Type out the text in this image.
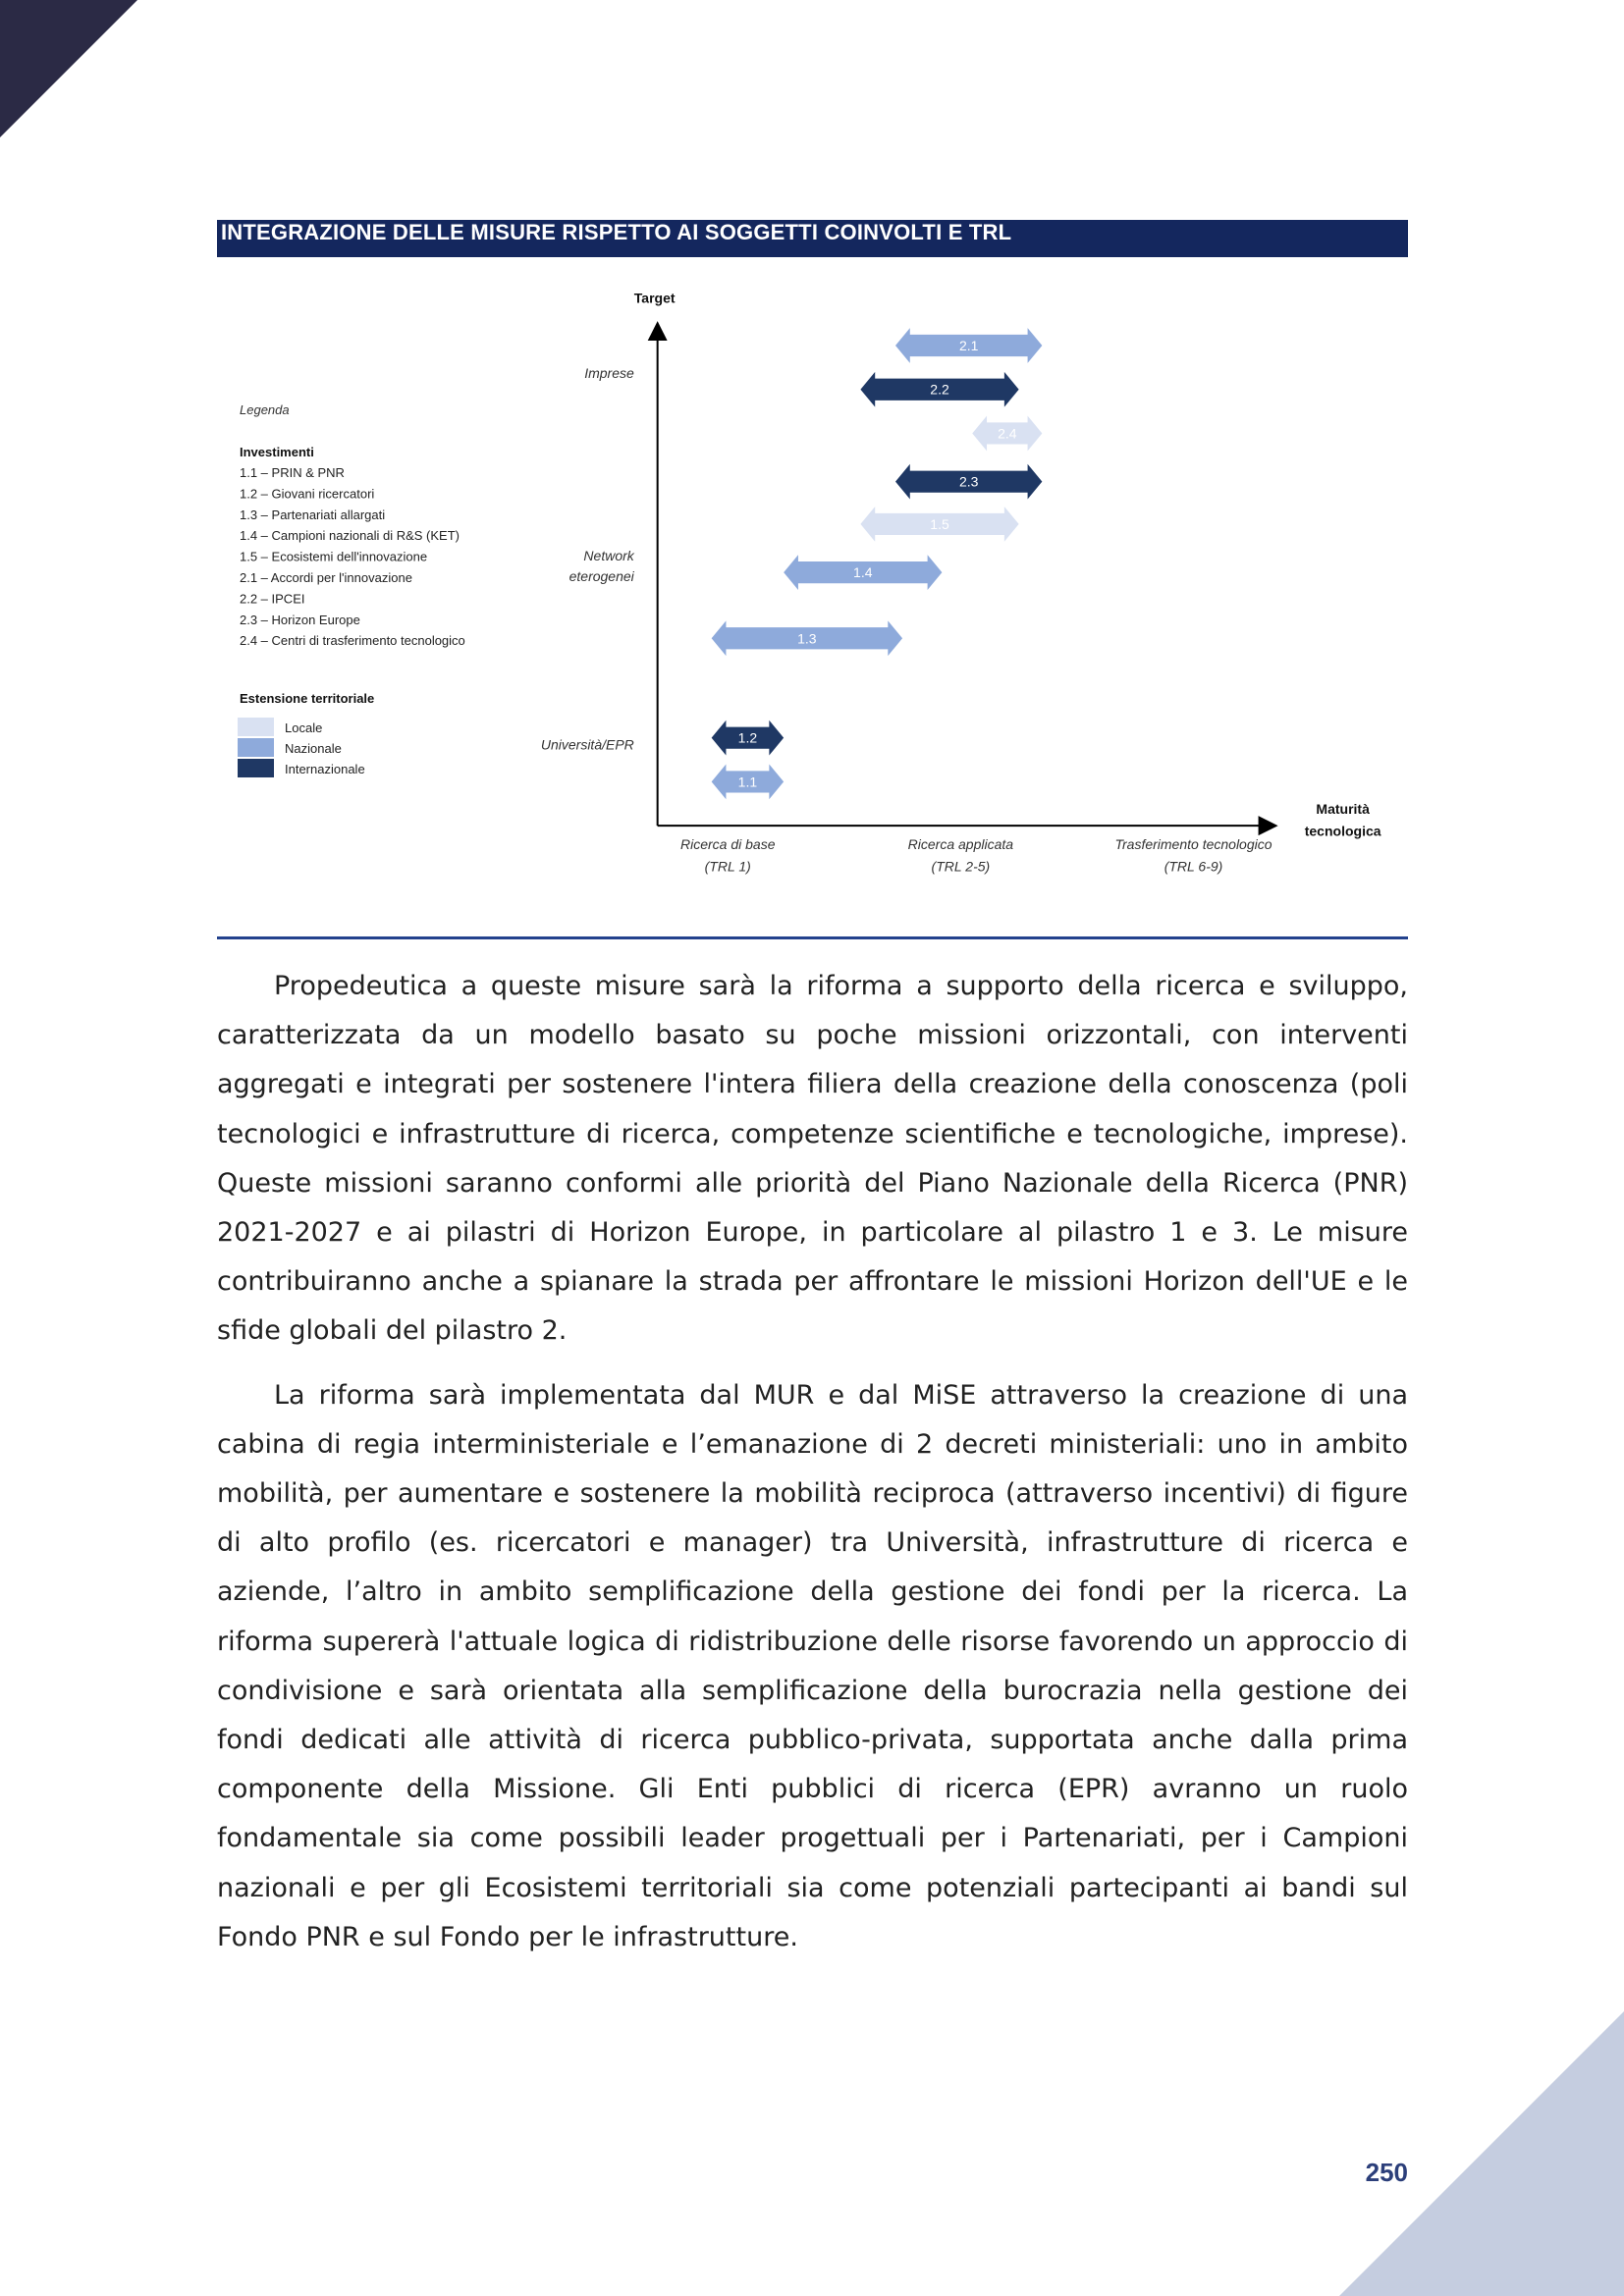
INTEGRAZIONE DELLE MISURE RISPETTO AI SOGGETTI COINVOLTI E TRL
Legenda
Investimenti
1.1 – PRIN & PNR
1.2 – Giovani ricercatori
1.3 – Partenariati allargati
1.4 – Campioni nazionali di R&S (KET)
1.5 – Ecosistemi dell'innovazione
2.1 – Accordi per l'innovazione
2.2 – IPCEI
2.3 – Horizon Europe
2.4 – Centri di trasferimento tecnologico
Estensione territoriale
Locale
Nazionale
Internazionale
Target
Maturità
tecnologica
Imprese
Network
eterogenei
Università/EPR
Ricerca di base
(TRL 1)
Ricerca applicata
(TRL 2-5)
Trasferimento tecnologico
(TRL 6-9)
2.1
2.2
2.4
2.3
1.5
1.4
1.3
1.2
1.1

Propedeutica a queste misure sarà la riforma a supporto della ricerca e sviluppo, caratterizzata da un modello basato su poche missioni orizzontali, con interventi aggregati e integrati per sostenere l'intera filiera della creazione della conoscenza (poli tecnologici e infrastrutture di ricerca, competenze scientifiche e tecnologiche, imprese). Queste missioni saranno conformi alle priorità del Piano Nazionale della Ricerca (PNR) 2021-2027 e ai pilastri di Horizon Europe, in particolare al pilastro 1 e 3. Le misure contribuiranno anche a spianare la strada per affrontare le missioni Horizon dell'UE e le sfide globali del pilastro 2.

La riforma sarà implementata dal MUR e dal MiSE attraverso la creazione di una cabina di regia interministeriale e l’emanazione di 2 decreti ministeriali: uno in ambito mobilità, per aumentare e sostenere la mobilità reciproca (attraverso incentivi) di figure di alto profilo (es. ricercatori e manager) tra Università, infrastrutture di ricerca e aziende, l’altro in ambito semplificazione della gestione dei fondi per la ricerca. La riforma supererà l'attuale logica di ridistribuzione delle risorse favorendo un approccio di condivisione e sarà orientata alla semplificazione della burocrazia nella gestione dei fondi dedicati alle attività di ricerca pubblico-privata, supportata anche dalla prima componente della Missione. Gli Enti pubblici di ricerca (EPR) avranno un ruolo fondamentale sia come possibili leader progettuali per i Partenariati, per i Campioni nazionali e per gli Ecosistemi territoriali sia come potenziali partecipanti ai bandi sul Fondo PNR e sul Fondo per le infrastrutture.

250
